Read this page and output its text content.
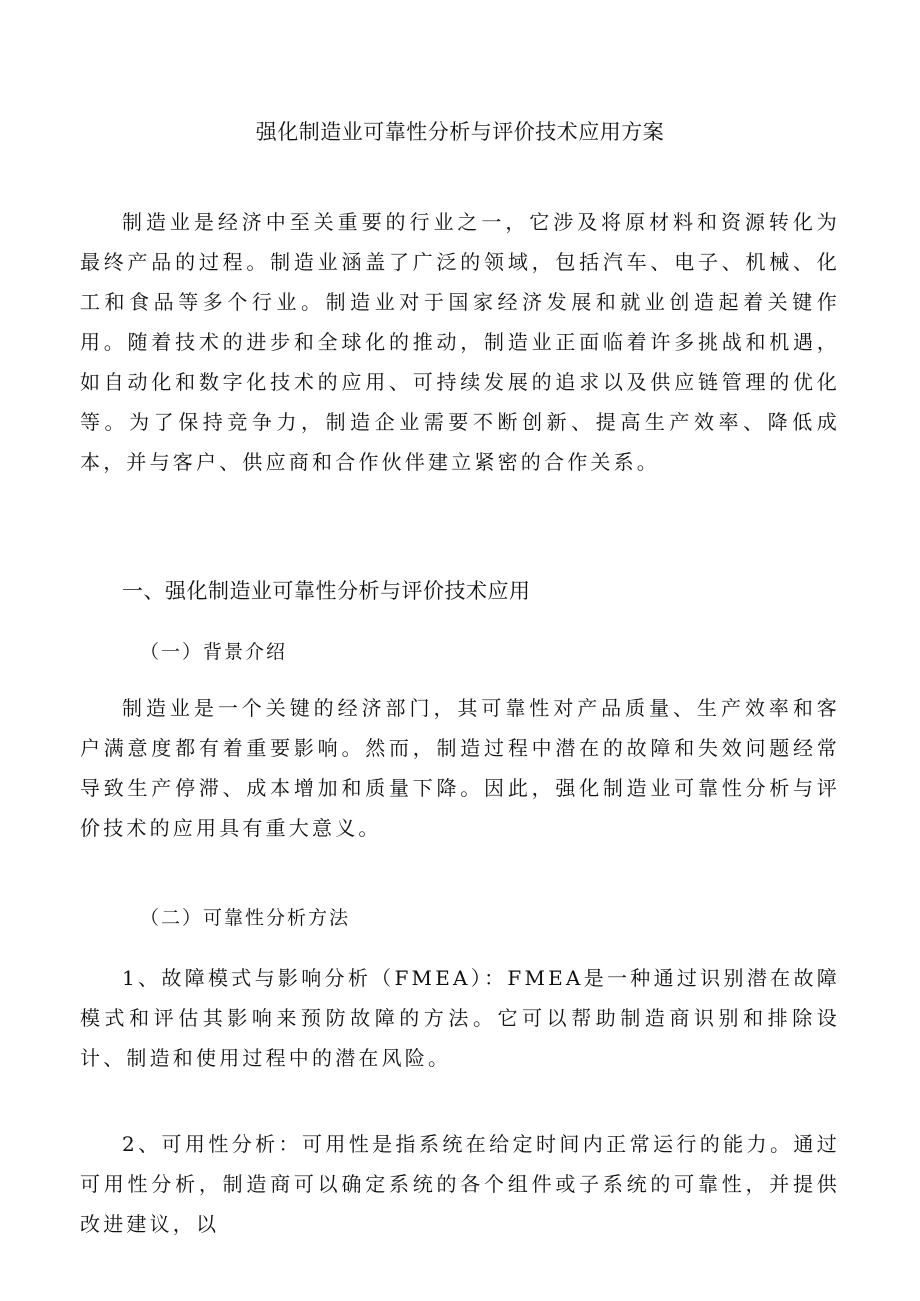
强化制造业可靠性分析与评价技术应用方案

制造业是经济中至关重要的行业之一，它涉及将原材料和资源转化为最终产品的过程。制造业涵盖了广泛的领域，包括汽车、电子、机械、化工和食品等多个行业。制造业对于国家经济发展和就业创造起着关键作用。随着技术的进步和全球化的推动，制造业正面临着许多挑战和机遇，如自动化和数字化技术的应用、可持续发展的追求以及供应链管理的优化等。为了保持竞争力，制造企业需要不断创新、提高生产效率、降低成本，并与客户、供应商和合作伙伴建立紧密的合作关系。

一、强化制造业可靠性分析与评价技术应用
（一）背景介绍

制造业是一个关键的经济部门，其可靠性对产品质量、生产效率和客户满意度都有着重要影响。然而，制造过程中潜在的故障和失效问题经常导致生产停滞、成本增加和质量下降。因此，强化制造业可靠性分析与评价技术的应用具有重大意义。

（二）可靠性分析方法

1、故障模式与影响分析（FMEA）：FMEA是一种通过识别潜在故障模式和评估其影响来预防故障的方法。它可以帮助制造商识别和排除设计、制造和使用过程中的潜在风险。

2、可用性分析：可用性是指系统在给定时间内正常运行的能力。通过可用性分析，制造商可以确定系统的各个组件或子系统的可靠性，并提供改进建议，以
